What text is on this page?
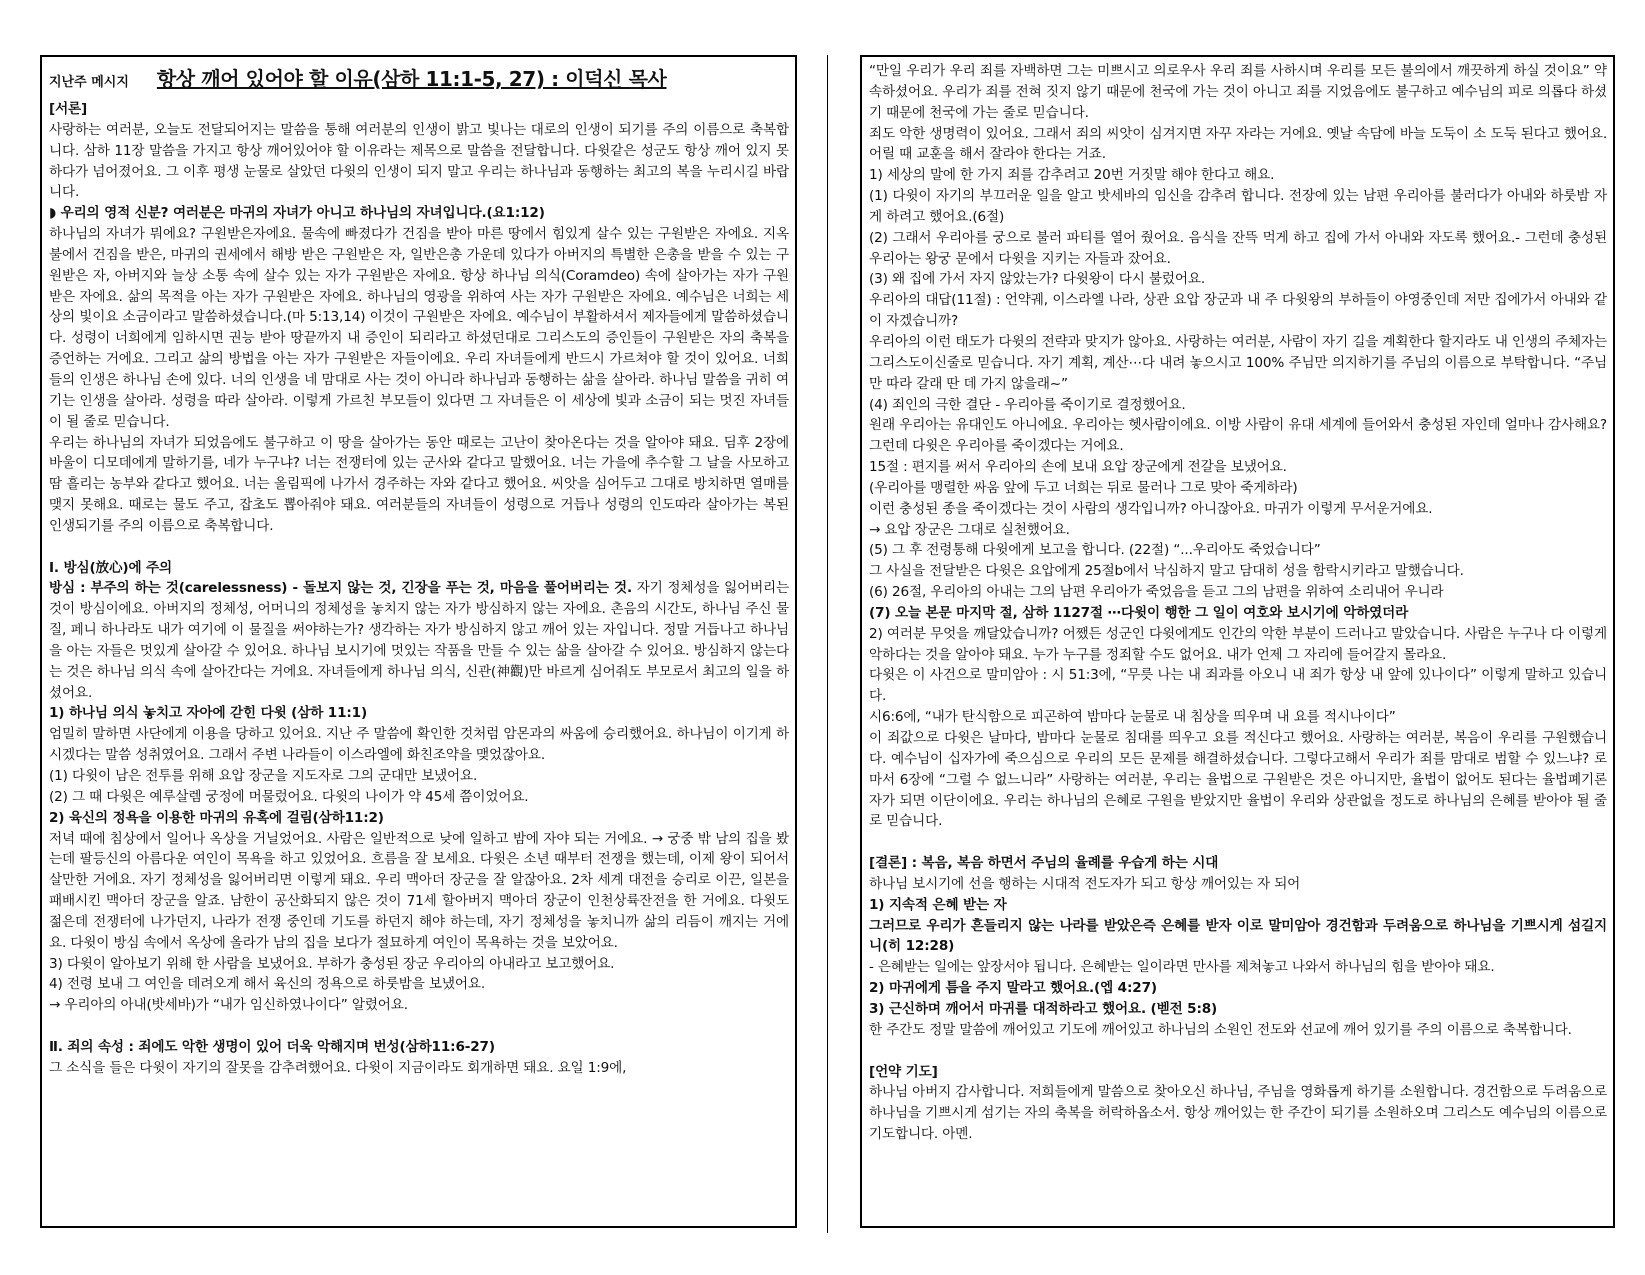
지난주 메시지 항상 깨어 있어야 할 이유(삼하 11:1-5, 27) : 이덕신 목사

[서론]

사랑하는 여러분, 오늘도 전달되어지는 말씀을 통해 여러분의 인생이 밝고 빛나는 대로의 인생이 되기를 주의 이름으로 축복합니다. 삼하 11장 말씀을 가지고 항상 깨어있어야 할 이유라는 제목으로 말씀을 전달합니다. 다윗같은 성군도 항상 깨어 있지 못하다가 넘어졌어요. 그 이후 평생 눈물로 살았던 다윗의 인생이 되지 말고 우리는 하나님과 동행하는 최고의 복을 누리시길 바랍니다.

◗ 우리의 영적 신분? 여러분은 마귀의 자녀가 아니고 하나님의 자녀입니다.(요1:12)

하나님의 자녀가 뭐에요? 구원받은자에요. 물속에 빠졌다가 건짐을 받아 마른 땅에서 힘있게 살수 있는 구원받은 자에요. 지옥불에서 건짐을 받은, 마귀의 권세에서 해방 받은 구원받은 자, 일반은총 가운데 있다가 아버지의 특별한 은총을 받을 수 있는 구원받은 자, 아버지와 늘상 소통 속에 살수 있는 자가 구원받은 자에요. 항상 하나님 의식(Coramdeo) 속에 살아가는 자가 구원받은 자에요. 삶의 목적을 아는 자가 구원받은 자에요. 하나님의 영광을 위하여 사는 자가 구원받은 자에요. 예수님은 너희는 세상의 빛이요 소금이라고 말씀하셨습니다.(마 5:13,14) 이것이 구원받은 자에요. 예수님이 부활하셔서 제자들에게 말씀하셨습니다. 성령이 너희에게 임하시면 권능 받아 땅끝까지 내 증인이 되리라고 하셨던대로 그리스도의 증인들이 구원받은 자의 축복을 증언하는 거에요. 그리고 삶의 방법을 아는 자가 구원받은 자들이에요. 우리 자녀들에게 반드시 가르쳐야 할 것이 있어요. 너희들의 인생은 하나님 손에 있다. 너의 인생을 네 맘대로 사는 것이 아니라 하나님과 동행하는 삶을 살아라. 하나님 말씀을 귀히 여기는 인생을 살아라. 성령을 따라 살아라. 이렇게 가르친 부모들이 있다면 그 자녀들은 이 세상에 빛과 소금이 되는 멋진 자녀들이 될 줄로 믿습니다.

우리는 하나님의 자녀가 되었음에도 불구하고 이 땅을 살아가는 동안 때로는 고난이 찾아온다는 것을 알아야 돼요. 딤후 2장에 바울이 디모데에게 말하기를, 네가 누구냐? 너는 전쟁터에 있는 군사와 같다고 말했어요. 너는 가을에 추수할 그 날을 사모하고 땀 흘리는 농부와 같다고 했어요. 너는 올림픽에 나가서 경주하는 자와 같다고 했어요. 씨앗을 심어두고 그대로 방치하면 열매를 맺지 못해요. 때로는 물도 주고, 잡초도 뽑아줘야 돼요. 여러분들의 자녀들이 성령으로 거듭나 성령의 인도따라 살아가는 복된 인생되기를 주의 이름으로 축복합니다.

Ⅰ. 방심(放心)에 주의

방심 : 부주의 하는 것(carelessness) - 돌보지 않는 것, 긴장을 푸는 것, 마음을 풀어버리는 것. 자기 정체성을 잃어버리는 것이 방심이에요. 아버지의 정체성, 어머니의 정체성을 놓치지 않는 자가 방심하지 않는 자에요. 촌음의 시간도, 하나님 주신 물질, 페니 하나라도 내가 여기에 이 물질을 써야하는가? 생각하는 자가 방심하지 않고 깨어 있는 자입니다. 정말 거듭나고 하나님을 아는 자들은 멋있게 살아갈 수 있어요. 하나님 보시기에 멋있는 작품을 만들 수 있는 삶을 살아갈 수 있어요. 방심하지 않는다는 것은 하나님 의식 속에 살아간다는 거에요. 자녀들에게 하나님 의식, 신관(神觀)만 바르게 심어줘도 부모로서 최고의 일을 하셨어요.

1) 하나님 의식 놓치고 자아에 갇힌 다윗 (삼하 11:1)

엄밀히 말하면 사단에게 이용을 당하고 있어요. 지난 주 말씀에 확인한 것처럼 암몬과의 싸움에 승리했어요. 하나님이 이기게 하시겠다는 말씀 성취였어요. 그래서 주변 나라들이 이스라엘에 화친조약을 맺었잖아요.

(1) 다윗이 남은 전투를 위해 요압 장군을 지도자로 그의 군대만 보냈어요.

(2) 그 때 다윗은 예루살렘 궁정에 머물렀어요. 다윗의 나이가 약 45세 쯤이었어요.

2) 육신의 정욕을 이용한 마귀의 유혹에 걸림(삼하11:2)

저녁 때에 침상에서 일어나 옥상을 거닐었어요. 사람은 일반적으로 낮에 일하고 밤에 자야 되는 거에요. → 궁중 밖 남의 집을 봤는데 팔등신의 아름다운 여인이 목욕을 하고 있었어요. 흐름을 잘 보세요. 다윗은 소년 때부터 전쟁을 했는데, 이제 왕이 되어서 살만한 거에요. 자기 정체성을 잃어버리면 이렇게 돼요. 우리 맥아더 장군을 잘 알잖아요. 2차 세계 대전을 승리로 이끈, 일본을 패배시킨 맥아더 장군을 알죠. 남한이 공산화되지 않은 것이 71세 할아버지 맥아더 장군이 인천상륙잔전을 한 거에요. 다윗도 젊은데 전쟁터에 나가던지, 나라가 전쟁 중인데 기도를 하던지 해야 하는데, 자기 정체성을 놓치니까 삶의 리듬이 깨지는 거에요. 다윗이 방심 속에서 옥상에 올라가 남의 집을 보다가 절묘하게 여인이 목욕하는 것을 보았어요.

3) 다윗이 알아보기 위해 한 사람을 보냈어요. 부하가 충성된 장군 우리아의 아내라고 보고했어요.

4) 전령 보내 그 여인을 데려오게 해서 육신의 정욕으로 하룻밤을 보냈어요.

→ 우리아의 아내(밧세바)가 “내가 임신하였나이다” 알렸어요.

Ⅱ. 죄의 속성 : 죄에도 악한 생명이 있어 더욱 악해지며 번성(삼하11:6-27)

그 소식을 들은 다윗이 자기의 잘못을 감추려했어요. 다윗이 지금이라도 회개하면 돼요. 요일 1:9에,

“만일 우리가 우리 죄를 자백하면 그는 미쁘시고 의로우사 우리 죄를 사하시며 우리를 모든 불의에서 깨끗하게 하실 것이요” 약속하셨어요. 우리가 죄를 전혀 짓지 않기 때문에 천국에 가는 것이 아니고 죄를 지었음에도 불구하고 예수님의 피로 의롭다 하셨기 때문에 천국에 가는 줄로 믿습니다.

죄도 악한 생명력이 있어요. 그래서 죄의 씨앗이 심겨지면 자꾸 자라는 거에요. 옛날 속담에 바늘 도둑이 소 도둑 된다고 했어요. 어릴 때 교훈을 해서 잘라야 한다는 거죠.

1) 세상의 말에 한 가지 죄를 감추려고 20번 거짓말 해야 한다고 해요.

(1) 다윗이 자기의 부끄러운 일을 알고 밧세바의 임신을 감추려 합니다. 전장에 있는 남편 우리아를 불러다가 아내와 하룻밤 자게 하려고 했어요.(6절)

(2) 그래서 우리아를 궁으로 불러 파티를 열어 줬어요. 음식을 잔뜩 먹게 하고 집에 가서 아내와 자도록 했어요.- 그런데 충성된 우리아는 왕궁 문에서 다윗을 지키는 자들과 잤어요.

(3) 왜 집에 가서 자지 않았는가? 다윗왕이 다시 불렀어요.

우리아의 대답(11절) : 언약궤, 이스라엘 나라, 상관 요압 장군과 내 주 다윗왕의 부하들이 야영중인데 저만 집에가서 아내와 같이 자겠습니까?

우리아의 이런 태도가 다윗의 전략과 맞지가 않아요. 사랑하는 여러분, 사람이 자기 길을 계획한다 할지라도 내 인생의 주체자는 그리스도이신줄로 믿습니다. 자기 계획, 계산⋯다 내려 놓으시고 100% 주님만 의지하기를 주님의 이름으로 부탁합니다. “주님만 따라 갈래 딴 데 가지 않을래~”

(4) 죄인의 극한 결단 - 우리아를 죽이기로 결정했어요.

원래 우리아는 유대인도 아니에요. 우리아는 헷사람이에요. 이방 사람이 유대 세계에 들어와서 충성된 자인데 얼마나 감사해요? 그런데 다윗은 우리아를 죽이겠다는 거에요.

15절 : 편지를 써서 우리아의 손에 보내 요압 장군에게 전갈을 보냈어요.

(우리아를 맹렬한 싸움 앞에 두고 너희는 뒤로 물러나 그로 맞아 죽게하라)

이런 충성된 종을 죽이겠다는 것이 사람의 생각입니까? 아니잖아요. 마귀가 이렇게 무서운거에요.

→ 요압 장군은 그대로 실천했어요.

(5) 그 후 전령통해 다윗에게 보고을 합니다. (22절) “...우리아도 죽었습니다”

그 사실을 전달받은 다윗은 요압에게 25절b에서 낙심하지 말고 담대히 성을 함락시키라고 말했습니다.

(6) 26절, 우리아의 아내는 그의 남편 우리아가 죽었음을 듣고 그의 남편을 위하여 소리내어 우니라

(7) 오늘 본문 마지막 절, 삼하 1127절 ⋯다윗이 행한 그 일이 여호와 보시기에 악하였더라

2) 여러분 무엇을 깨달았습니까? 어쨌든 성군인 다윗에게도 인간의 악한 부분이 드러나고 말았습니다. 사람은 누구나 다 이렇게 악하다는 것을 알아야 돼요. 누가 누구를 정죄할 수도 없어요. 내가 언제 그 자리에 들어갈지 몰라요.

다윗은 이 사건으로 말미암아 : 시 51:3에, “무릇 나는 내 죄과를 아오니 내 죄가 항상 내 앞에 있나이다” 이렇게 말하고 있습니다.

시6:6에, “내가 탄식함으로 피곤하여 밤마다 눈물로 내 침상을 띄우며 내 요를 적시나이다”

이 죄값으로 다윗은 날마다, 밤마다 눈물로 침대를 띄우고 요를 적신다고 했어요. 사랑하는 여러분, 복음이 우리를 구원했습니다. 예수님이 십자가에 죽으심으로 우리의 모든 문제를 해결하셨습니다. 그렇다고해서 우리가 죄를 맘대로 범할 수 있느냐? 로마서 6장에 “그럴 수 없느니라” 사랑하는 여러분, 우리는 율법으로 구원받은 것은 아니지만, 율법이 없어도 된다는 율법폐기론자가 되면 이단이에요. 우리는 하나님의 은혜로 구원을 받았지만 율법이 우리와 상관없을 정도로 하나님의 은혜를 받아야 될 줄로 믿습니다.

[결론] : 복음, 복음 하면서 주님의 율례를 우습게 하는 시대

하나님 보시기에 선을 행하는 시대적 전도자가 되고 항상 깨어있는 자 되어

1) 지속적 은혜 받는 자

그러므로 우리가 흔들리지 않는 나라를 받았은즉 은혜를 받자 이로 말미암아 경건함과 두려움으로 하나님을 기쁘시게 섬길지니(히 12:28)

- 은혜받는 일에는 앞장서야 됩니다. 은혜받는 일이라면 만사를 제쳐놓고 나와서 하나님의 힘을 받아야 돼요.

2) 마귀에게 틈을 주지 말라고 했어요.(엡 4:27)

3) 근신하며 깨어서 마귀를 대적하라고 했어요. (벧전 5:8)

한 주간도 정말 말씀에 깨어있고 기도에 깨어있고 하나님의 소원인 전도와 선교에 깨어 있기를 주의 이름으로 축복합니다.

[언약 기도]

하나님 아버지 감사합니다. 저희들에게 말씀으로 찾아오신 하나님, 주님을 영화롭게 하기를 소원합니다. 경건함으로 두려움으로 하나님을 기쁘시게 섬기는 자의 축복을 허락하옵소서. 항상 깨어있는 한 주간이 되기를 소원하오며 그리스도 예수님의 이름으로 기도합니다. 아멘.
